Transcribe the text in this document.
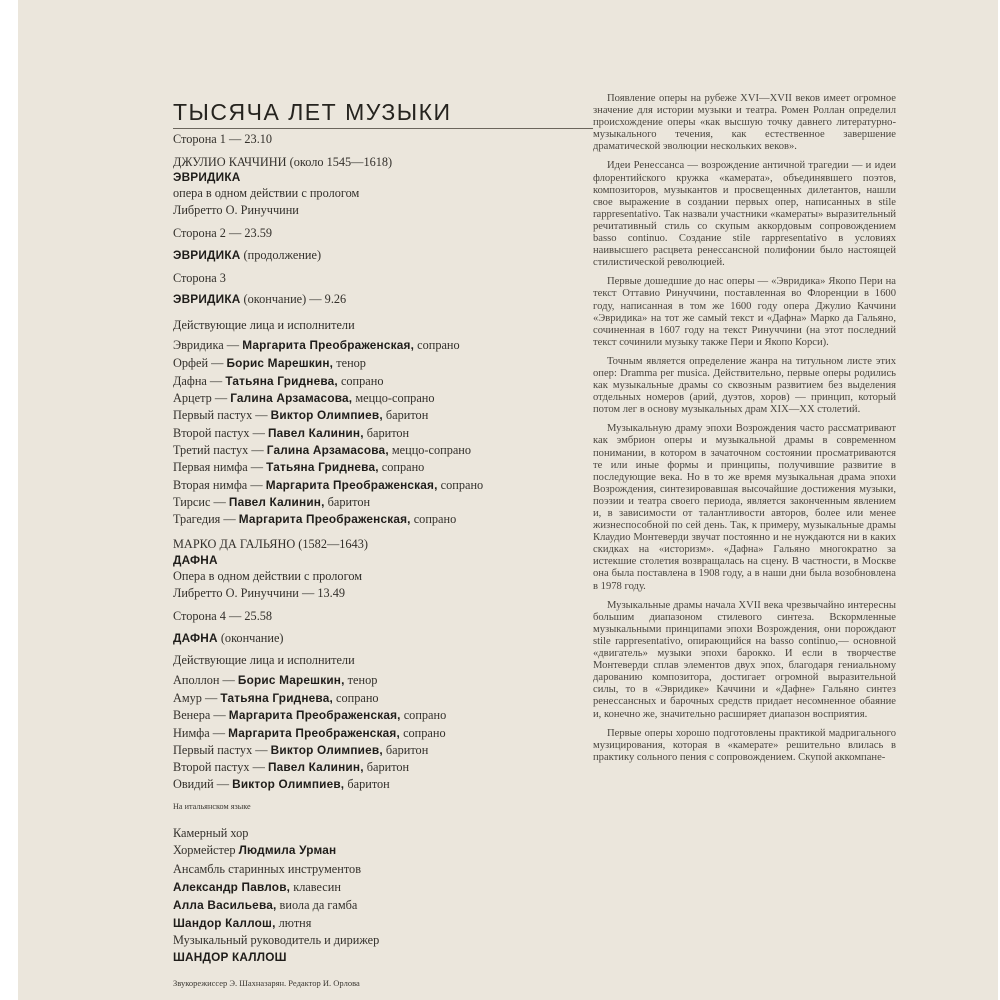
ТЫСЯЧА ЛЕТ МУЗЫКИ
Сторона 1 — 23.10
ДЖУЛИО КАЧЧИНИ (около 1545—1618)
ЭВРИДИКА
опера в одном действии с прологом
Либретто О. Ринуччини
Сторона 2 — 23.59
ЭВРИДИКА (продолжение)
Сторона 3
ЭВРИДИКА (окончание) — 9.26
Действующие лица и исполнители
Эвридика — Маргарита Преображенская, сопрано
Орфей — Борис Марешкин, тенор
Дафна — Татьяна Гриднева, сопрано
Арцетр — Галина Арзамасова, меццо-сопрано
Первый пастух — Виктор Олимпиев, баритон
Второй пастух — Павел Калинин, баритон
Третий пастух — Галина Арзамасова, меццо-сопрано
Первая нимфа — Татьяна Гриднева, сопрано
Вторая нимфа — Маргарита Преображенская, сопрано
Тирсис — Павел Калинин, баритон
Трагедия — Маргарита Преображенская, сопрано
МАРКО ДА ГАЛЬЯНО (1582—1643)
ДАФНА
Опера в одном действии с прологом
Либретто О. Ринуччини — 13.49
Сторона 4 — 25.58
ДАФНА (окончание)
Действующие лица и исполнители
Аполлон — Борис Марешкин, тенор
Амур — Татьяна Гриднева, сопрано
Венера — Маргарита Преображенская, сопрано
Нимфа — Маргарита Преображенская, сопрано
Первый пастух — Виктор Олимпиев, баритон
Второй пастух — Павел Калинин, баритон
Овидий — Виктор Олимпиев, баритон
На итальянском языке
Камерный хор
Хормейстер Людмила Урман
Ансамбль старинных инструментов
Александр Павлов, клавесин
Алла Васильева, виола да гамба
Шандор Каллош, лютня
Музыкальный руководитель и дирижер
ШАНДОР КАЛЛОШ
Звукорежиссер Э. Шахназарян. Редактор И. Орлова

Появление оперы на рубеже XVI—XVII веков имеет огромное значение для истории музыки и театра. Ромен Роллан определил происхождение оперы «как высшую точку давнего литературно-музыкального течения, как естественное завершение драматической эволюции нескольких веков».

Идеи Ренессанса — возрождение античной трагедии — и идеи флорентийского кружка «камерата», объединявшего поэтов, композиторов, музыкантов и просвещенных дилетантов, нашли свое выражение в создании первых опер, написанных в stile rappresentativo. Так назвали участники «камераты» выразительный речитативный стиль со скупым аккордовым сопровождением basso continuo. Создание stile rappresentativo в условиях наивысшего расцвета ренессансной полифонии было настоящей стилистической революцией.

Первые дошедшие до нас оперы — «Эвридика» Якопо Пери на текст Оттавио Ринуччини, поставленная во Флоренции в 1600 году, написанная в том же 1600 году опера Джулио Каччини «Эвридика» на тот же самый текст и «Дафна» Марко да Гальяно, сочиненная в 1607 году на текст Ринуччини (на этот последний текст сочинили музыку также Пери и Якопо Корси).

Точным является определение жанра на титульном листе этих опер: Dramma per musica. Действительно, первые оперы родились как музыкальные драмы со сквозным развитием без выделения отдельных номеров (арий, дуэтов, хоров) — принцип, который потом лег в основу музыкальных драм XIX—XX столетий.

Музыкальную драму эпохи Возрождения часто рассматривают как эмбрион оперы и музыкальной драмы в современном понимании, в котором в зачаточном состоянии просматриваются те или иные формы и принципы, получившие развитие в последующие века. Но в то же время музыкальная драма эпохи Возрождения, синтезировавшая высочайшие достижения музыки, поэзии и театра своего периода, является законченным явлением и, в зависимости от талантливости авторов, более или менее жизнеспособной по сей день. Так, к примеру, музыкальные драмы Клаудио Монтеверди звучат постоянно и не нуждаются ни в каких скидках на «историзм». «Дафна» Гальяно многократно за истекшие столетия возвращалась на сцену. В частности, в Москве она была поставлена в 1908 году, а в наши дни была возобновлена в 1978 году.

Музыкальные драмы начала XVII века чрезвычайно интересны большим диапазоном стилевого синтеза. Вскормленные музыкальными принципами эпохи Возрождения, они порождают stile rappresentativo, опирающийся на basso continuo,— основной «двигатель» музыки эпохи барокко. И если в творчестве Монтеверди сплав элементов двух эпох, благодаря гениальному дарованию композитора, достигает огромной выразительной силы, то в «Эвридике» Каччини и «Дафне» Гальяно синтез ренессансных и барочных средств придает несомненное обаяние и, конечно же, значительно расширяет диапазон восприятия.

Первые оперы хорошо подготовлены практикой мадригального музицирования, которая в «камерате» решительно влилась в практику сольного пения с сопровождением. Скупой аккомпане-
